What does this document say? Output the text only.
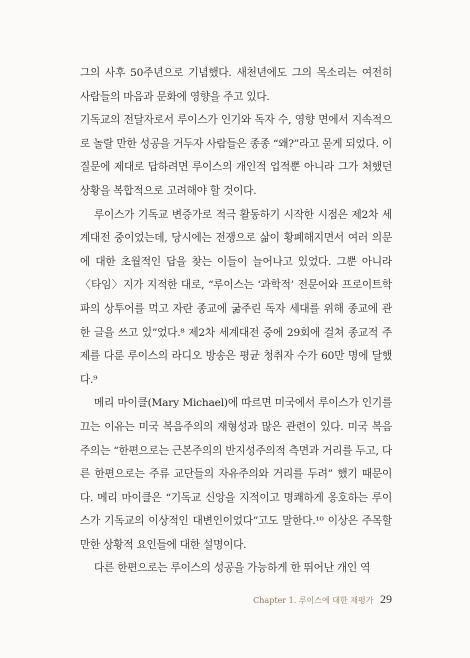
그의 사후 50주년으로 기념했다. 새천년에도 그의 목소리는 여전히 사람들의 마음과 문화에 영향을 주고 있다.

기독교의 전달자로서 루이스가 인기와 독자 수, 영향 면에서 지속적으로 놀랄 만한 성공을 거두자 사람들은 종종 “왜?”라고 묻게 되었다. 이 질문에 제대로 답하려면 루이스의 개인적 업적뿐 아니라 그가 처했던 상황을 복합적으로 고려해야 할 것이다.

루이스가 기독교 변증가로 적극 활동하기 시작한 시점은 제2차 세계대전 중이었는데, 당시에는 전쟁으로 삶이 황폐해지면서 여러 의문에 대한 초월적인 답을 찾는 이들이 늘어나고 있었다. 그뿐 아니라 〈타임〉지가 지적한 대로, “루이스는 ‘과학적’ 전문어와 프로이트학파의 상투어를 먹고 자란 종교에 굶주린 독자 세대를 위해 종교에 관한 글을 쓰고 있”었다.⁸ 제2차 세계대전 중에 29회에 걸쳐 종교적 주제를 다룬 루이스의 라디오 방송은 평균 청취자 수가 60만 명에 달했다.⁹

메리 마이클(Mary Michael)에 따르면 미국에서 루이스가 인기를 끄는 이유는 미국 복음주의의 재형성과 많은 관련이 있다. 미국 복음주의는 “한편으로는 근본주의의 반지성주의적 측면과 거리를 두고, 다른 한편으로는 주류 교단들의 자유주의와 거리를 두려” 했기 때문이다. 메리 마이클은 “기독교 신앙을 지적이고 명쾌하게 옹호하는 루이스가 기독교의 이상적인 대변인이었다”고도 말한다.¹⁰ 이상은 주목할 만한 상황적 요인들에 대한 설명이다.

다른 한편으로는 루이스의 성공을 가능하게 한 뛰어난 개인 역

Chapter 1. 루이스에 대한 재평가 29
